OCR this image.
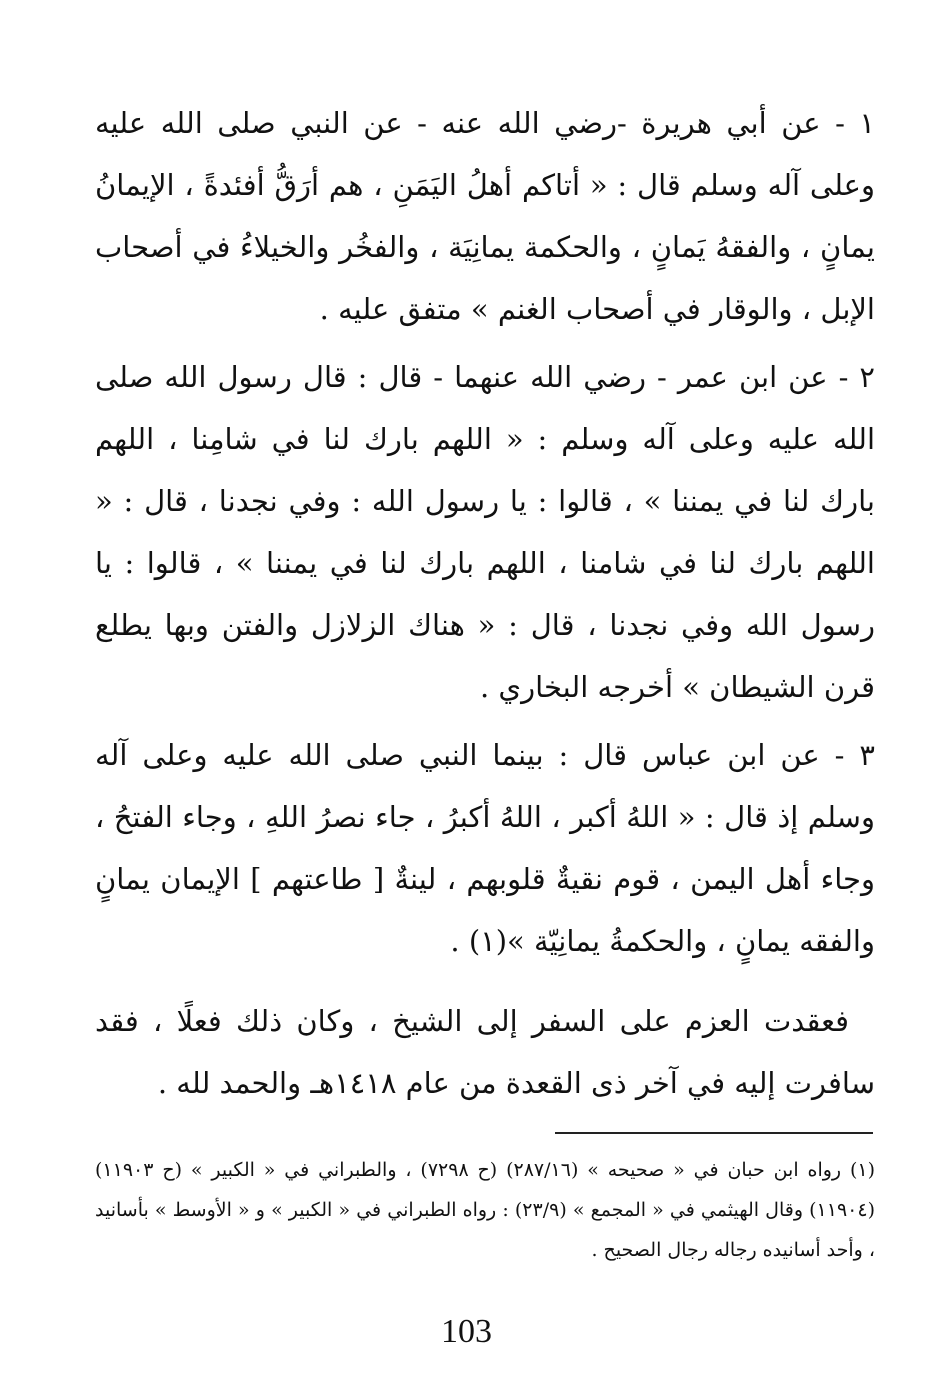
١ - عن أبي هريرة -رضي الله عنه - عن النبي صلى الله عليه وعلى آله وسلم قال : « أتاكم أهلُ اليَمَنِ ، هم أرَقُّ أفئدةً ، الإيمانُ يمانٍ ، والفقهُ يَمانٍ ، والحكمة يمانِيَة ، والفخُر والخيلاءُ في أصحاب الإبل ، والوقار في أصحاب الغنم » متفق عليه .

٢ - عن ابن عمر - رضي الله عنهما - قال : قال رسول الله صلى الله عليه وعلى آله وسلم : « اللهم بارك لنا في شامِنا ، اللهم بارك لنا في يمننا » ، قالوا : يا رسول الله : وفي نجدنا ، قال : « اللهم بارك لنا في شامنا ، اللهم بارك لنا في يمننا » ، قالوا : يا رسول الله وفي نجدنا ، قال : « هناك الزلازل والفتن وبها يطلع قرن الشيطان » أخرجه البخاري .

٣ - عن ابن عباس قال : بينما النبي صلى الله عليه وعلى آله وسلم إذ قال : « اللهُ أكبر ، اللهُ أكبرُ ، جاء نصرُ اللهِ ، وجاء الفتحُ ، وجاء أهل اليمن ، قوم نقيةٌ قلوبهم ، لينةٌ [ طاعتهم ] الإيمان يمانٍ والفقه يمانٍ ، والحكمةُ يمانِيّة »(١) .

فعقدت العزم على السفر إلى الشيخ ، وكان ذلك فعلًا ، فقد سافرت إليه في آخر ذى القعدة من عام ١٤١٨هـ والحمد لله .

(١) رواه ابن حبان في « صحيحه » (٢٨٧/١٦) (ح ٧٢٩٨) ، والطبراني في « الكبير » (ح ١١٩٠٣) (١١٩٠٤) وقال الهيثمي في « المجمع » (٢٣/٩) : رواه الطبراني في « الكبير » و « الأوسط » بأسانيد ، وأحد أسانيده رجاله رجال الصحيح .
103
